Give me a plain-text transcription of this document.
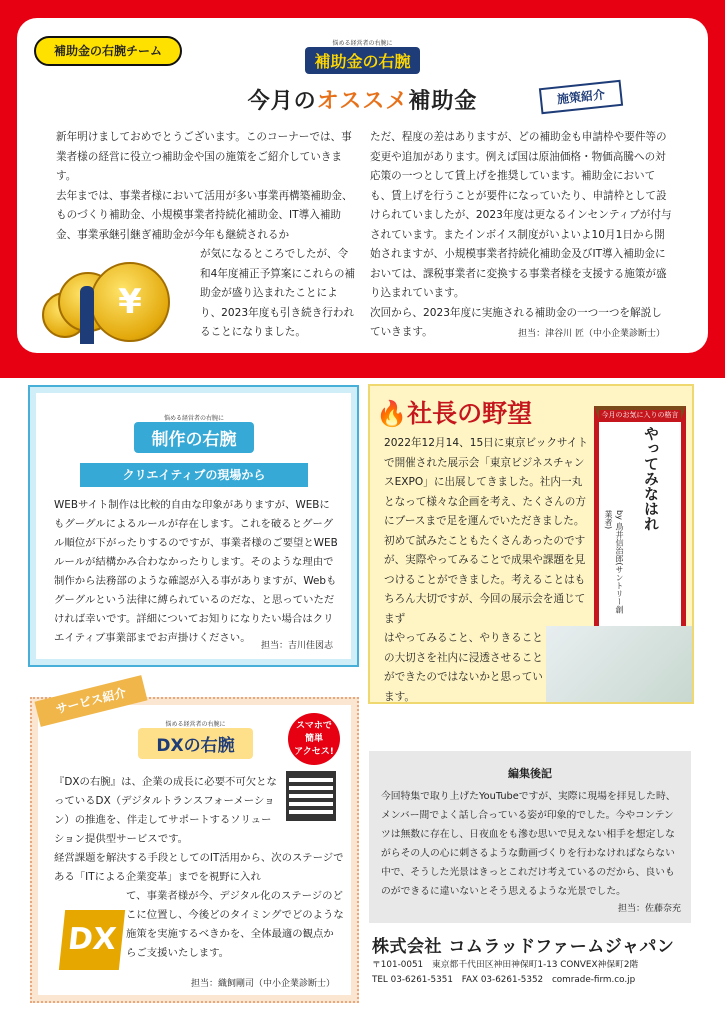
補助金の右腕チーム
悩める経営者の右腕に
補助金の右腕
今月のオススメ補助金	施策紹介
新年明けましておめでとうございます。このコーナーでは、事業者様の経営に役立つ補助金や国の施策をご紹介していきます。
去年までは、事業者様において活用が多い事業再構築補助金、ものづくり補助金、小規模事業者持続化補助金、IT導入補助金、事業承継引継ぎ補助金が今年も継続されるか
が気になるところでしたが、令和4年度補正予算案にこれらの補助金が盛り込まれたことにより、2023年度も引き続き行われることになりました。
ただ、程度の差はありますが、どの補助金も申請枠や要件等の変更や追加があります。例えば国は原油価格・物価高騰への対応策の一つとして賃上げを推奨しています。補助金においても、賃上げを行うことが要件になっていたり、申請枠として設けられていましたが、2023年度は更なるインセンティブが付与されています。またインボイス制度がいよいよ10月1日から開始されますが、小規模事業者持続化補助金及びIT導入補助金においては、課税事業者に変換する事業者様を支援する施策が盛り込まれています。
次回から、2023年度に実施される補助金の一つ一つを解説していきます。	担当：津谷川 匠（中小企業診断士）
¥
悩める経営者の右腕に
制作の右腕
クリエイティブの現場から
WEBサイト制作は比較的自由な印象がありますが、WEBにもグーグルによるルールが存在します。これを破るとグーグル順位が下がったりするのですが、事業者様のご要望とWEBルールが結構かみ合わなかったりします。そのような理由で制作から法務部のような確認が入る事がありますが、Webもグーグルという法律に縛られているのだな、と思っていただければ幸いです。詳細についてお知りになりたい場合はクリエイティブ事業部までお声掛けください。
担当：吉川佳図志
悩める経営者の右腕に
DXの右腕
スマホで
簡単
アクセス!
『DXの右腕』は、企業の成長に必要不可欠となっているDX（デジタルトランスフォーメーション）の推進を、伴走してサポートするソリューション提供型サービスです。
経営課題を解決する手段としてのIT活用から、次のステージである「ITによる企業変革」までを視野に入れ
て、事業者様が今、デジタル化のステージのどこに位置し、今後どのタイミングでどのような施策を実施するべきかを、全体最適の観点からご支援いたします。
DX
担当：織飼剛司（中小企業診断士）
サービス紹介
🔥社長の野望
2022年12月14、15日に東京ビックサイトで開催された展示会「東京ビジネスチャンスEXPO」に出展してきました。社内一丸となって様々な企画を考え、たくさんの方にブースまで足を運んでいただきました。初めて試みたこともたくさんあったのですが、実際やってみることで成果や課題を見つけることができました。考えることはもちろん大切ですが、今回の展示会を通じてまず
はやってみること、やりきることの大切さを社内に浸透させることができたのではないかと思っています。
今月のお気に入りの格言
やってみなはれ
by 鳥井信治郎(サントリー創業者)
編集後記
今回特集で取り上げたYouTubeですが、実際に現場を拝見した時、メンバー間でよく話し合っている姿が印象的でした。今やコンテンツは無数に存在し、日夜血をも滲む思いで見えない相手を想定しながらその人の心に刺さるような動画づくりを行わなければならない中で、そうした光景はきっとこれだけ考えているのだから、良いものができるに違いないとそう思えるような光景でした。
担当：佐藤奈充
株式会社 コムラッドファームジャパン
〒101-0051　東京都千代田区神田神保町1-13 CONVEX神保町2階
TEL 03-6261-5351　FAX 03-6261-5352　comrade-firm.co.jp
